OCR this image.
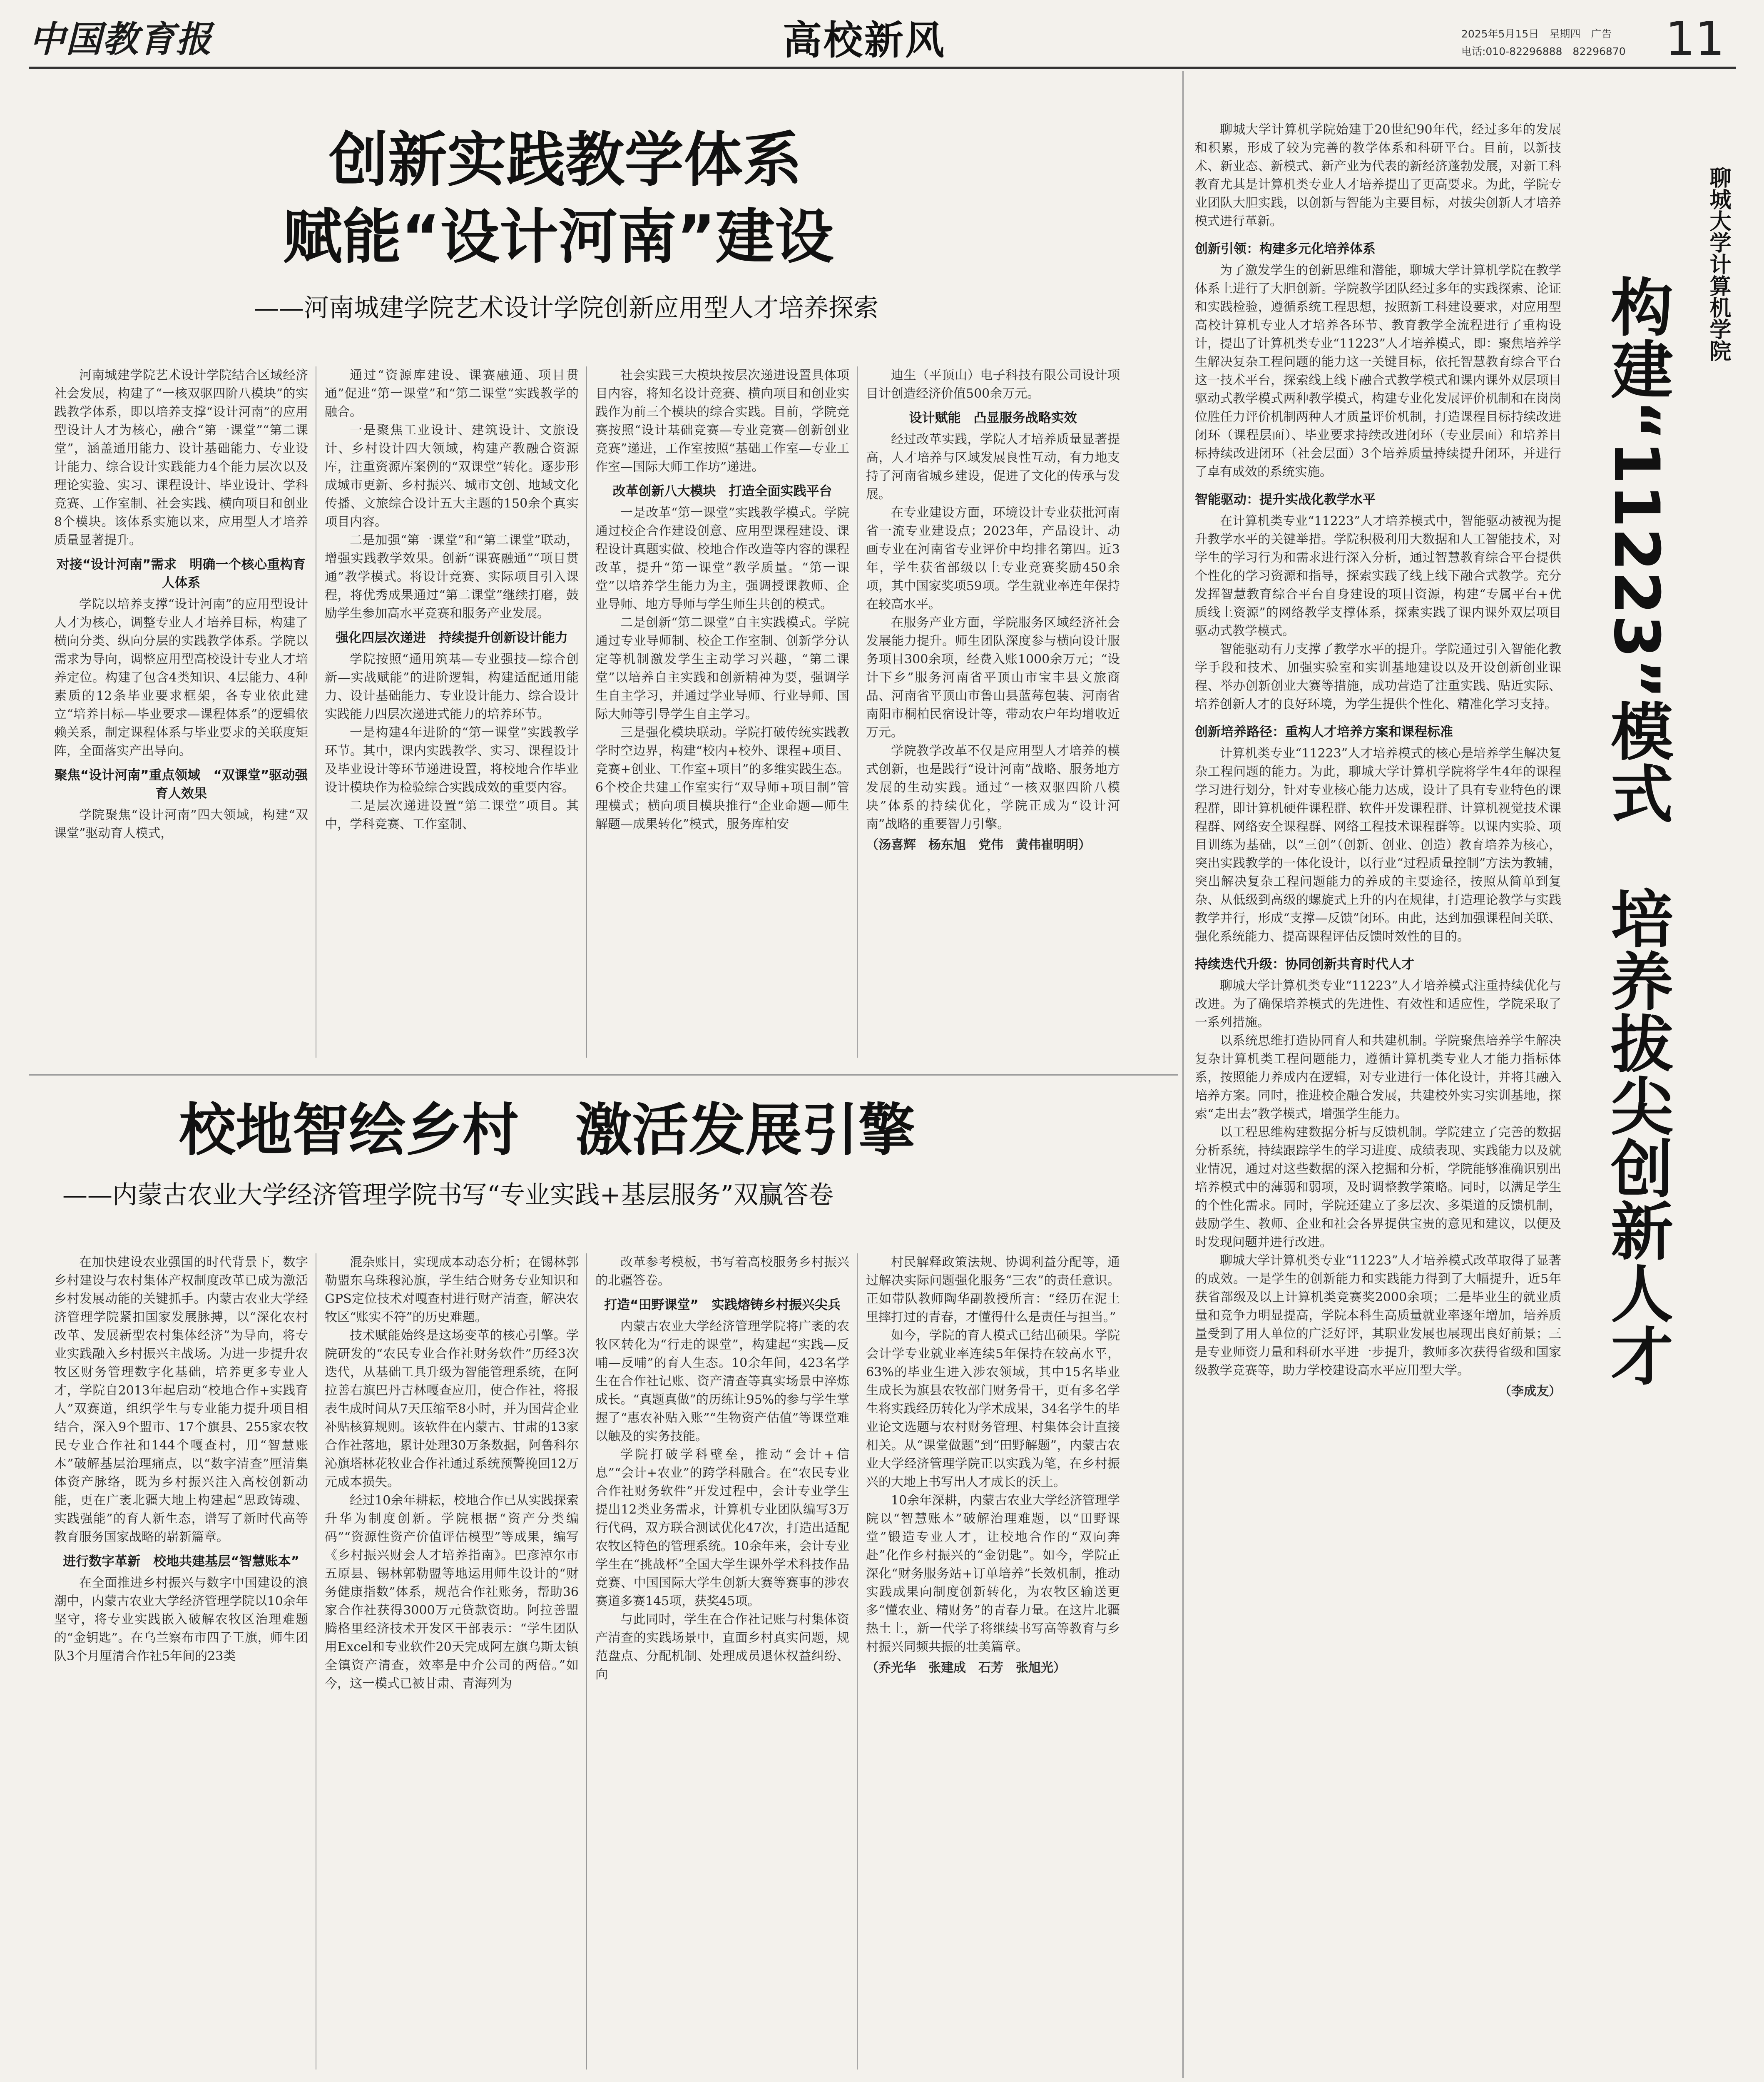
中国教育报	高校新风	2025年5月15日　星期四　广告
电话:010-82296888　82296870 11
创新实践教学体系
赋能“设计河南”建设
——河南城建学院艺术设计学院创新应用型人才培养探索

河南城建学院艺术设计学院结合区域经济社会发展，构建了“一核双驱四阶八模块”的实践教学体系，即以培养支撑“设计河南”的应用型设计人才为核心，融合“第一课堂”“第二课堂”，涵盖通用能力、设计基础能力、专业设计能力、综合设计实践能力4个能力层次以及理论实验、实习、课程设计、毕业设计、学科竞赛、工作室制、社会实践、横向项目和创业8个模块。该体系实施以来，应用型人才培养质量显著提升。

对接“设计河南”需求　明确一个核心重构育人体系

学院以培养支撑“设计河南”的应用型设计人才为核心，调整专业人才培养目标，构建了横向分类、纵向分层的实践教学体系。学院以需求为导向，调整应用型高校设计专业人才培养定位。构建了包含4类知识、4层能力、4种素质的12条毕业要求框架，各专业依此建立“培养目标—毕业要求—课程体系”的逻辑依赖关系，制定课程体系与毕业要求的关联度矩阵，全面落实产出导向。

聚焦“设计河南”重点领域　“双课堂”驱动强育人效果

学院聚焦“设计河南”四大领域，构建“双课堂”驱动育人模式，

通过“资源库建设、课赛融通、项目贯通”促进“第一课堂”和“第二课堂”实践教学的融合。

一是聚焦工业设计、建筑设计、文旅设计、乡村设计四大领域，构建产教融合资源库，注重资源库案例的“双课堂”转化。逐步形成城市更新、乡村振兴、城市文创、地域文化传播、文旅综合设计五大主题的150余个真实项目内容。

二是加强“第一课堂”和“第二课堂”联动，增强实践教学效果。创新“课赛融通”“项目贯通”教学模式。将设计竞赛、实际项目引入课程，将优秀成果通过“第二课堂”继续打磨，鼓励学生参加高水平竞赛和服务产业发展。

强化四层次递进　持续提升创新设计能力

学院按照“通用筑基—专业强技—综合创新—实战赋能”的进阶逻辑，构建适配通用能力、设计基础能力、专业设计能力、综合设计实践能力四层次递进式能力的培养环节。

一是构建4年进阶的“第一课堂”实践教学环节。其中，课内实践教学、实习、课程设计及毕业设计等环节递进设置，将校地合作毕业设计模块作为检验综合实践成效的重要内容。

二是层次递进设置“第二课堂”项目。其中，学科竞赛、工作室制、

社会实践三大模块按层次递进设置具体项目内容，将知名设计竞赛、横向项目和创业实践作为前三个模块的综合实践。目前，学院竞赛按照“设计基础竞赛—专业竞赛—创新创业竞赛”递进，工作室按照“基础工作室—专业工作室—国际大师工作坊”递进。

改革创新八大模块　打造全面实践平台

一是改革“第一课堂”实践教学模式。学院通过校企合作建设创意、应用型课程建设、课程设计真题实做、校地合作改造等内容的课程改革，提升“第一课堂”教学质量。“第一课堂”以培养学生能力为主，强调授课教师、企业导师、地方导师与学生师生共创的模式。

二是创新“第二课堂”自主实践模式。学院通过专业导师制、校企工作室制、创新学分认定等机制激发学生主动学习兴趣，“第二课堂”以培养自主实践和创新精神为要，强调学生自主学习，并通过学业导师、行业导师、国际大师等引导学生自主学习。

三是强化模块联动。学院打破传统实践教学时空边界，构建“校内+校外、课程+项目、竞赛+创业、工作室+项目”的多维实践生态。6个校企共建工作室实行“双导师+项目制”管理模式；横向项目模块推行“企业命题—师生解题—成果转化”模式，服务库柏安

迪生（平顶山）电子科技有限公司设计项目计创造经济价值500余万元。

设计赋能　凸显服务战略实效

经过改革实践，学院人才培养质量显著提高，人才培养与区域发展良性互动，有力地支持了河南省城乡建设，促进了文化的传承与发展。

在专业建设方面，环境设计专业获批河南省一流专业建设点；2023年，产品设计、动画专业在河南省专业评价中均排名第四。近3年，学生获省部级以上专业竞赛奖励450余项，其中国家奖项59项。学生就业率连年保持在较高水平。

在服务产业方面，学院服务区域经济社会发展能力提升。师生团队深度参与横向设计服务项目300余项，经费入账1000余万元；“设计下乡”服务河南省平顶山市宝丰县文旅商品、河南省平顶山市鲁山县蓝莓包装、河南省南阳市桐柏民宿设计等，带动农户年均增收近万元。

学院教学改革不仅是应用型人才培养的模式创新，也是践行“设计河南”战略、服务地方发展的生动实践。通过“一核双驱四阶八模块”体系的持续优化，学院正成为“设计河南”战略的重要智力引擎。

（汤喜辉　杨东旭　党伟　黄伟崔明明）
校地智绘乡村　激活发展引擎
——内蒙古农业大学经济管理学院书写“专业实践+基层服务”双赢答卷

在加快建设农业强国的时代背景下，数字乡村建设与农村集体产权制度改革已成为激活乡村发展动能的关键抓手。内蒙古农业大学经济管理学院紧扣国家发展脉搏，以“深化农村改革、发展新型农村集体经济”为导向，将专业实践融入乡村振兴主战场。为进一步提升农牧区财务管理数字化基础，培养更多专业人才，学院自2013年起启动“校地合作+实践育人”双赛道，组织学生与专业能力提升项目相结合，深入9个盟市、17个旗县、255家农牧民专业合作社和144个嘎查村，用“智慧账本”破解基层治理痛点，以“数字清查”厘清集体资产脉络，既为乡村振兴注入高校创新动能，更在广袤北疆大地上构建起“思政铸魂、实践强能”的育人新生态，谱写了新时代高等教育服务国家战略的崭新篇章。

进行数字革新　校地共建基层“智慧账本”

在全面推进乡村振兴与数字中国建设的浪潮中，内蒙古农业大学经济管理学院以10余年坚守，将专业实践嵌入破解农牧区治理难题的“金钥匙”。在乌兰察布市四子王旗，师生团队3个月厘清合作社5年间的23类

混杂账目，实现成本动态分析；在锡林郭勒盟东乌珠穆沁旗，学生结合财务专业知识和GPS定位技术对嘎查村进行财产清查，解决农牧区“账实不符”的历史难题。

技术赋能始终是这场变革的核心引擎。学院研发的“农民专业合作社财务软件”历经3次迭代，从基础工具升级为智能管理系统，在阿拉善右旗巴丹吉林嘎查应用，使合作社，将报表生成时间从7天压缩至8小时，并为国营企业补贴核算规则。该软件在内蒙古、甘肃的13家合作社落地，累计处理30万条数据，阿鲁科尔沁旗塔林花牧业合作社通过系统预警挽回12万元成本损失。

经过10余年耕耘，校地合作已从实践探索升华为制度创新。学院根据“资产分类编码”“资源性资产价值评估模型”等成果，编写《乡村振兴财会人才培养指南》。巴彦淖尔市五原县、锡林郭勒盟等地运用师生设计的“财务健康指数”体系，规范合作社账务，帮助36家合作社获得3000万元贷款资助。阿拉善盟腾格里经济技术开发区干部表示：“学生团队用Excel和专业软件20天完成阿左旗乌斯太镇全镇资产清查，效率是中介公司的两倍。”如今，这一模式已被甘肃、青海列为

改革参考模板，书写着高校服务乡村振兴的北疆答卷。

打造“田野课堂”　实践熔铸乡村振兴尖兵

内蒙古农业大学经济管理学院将广袤的农牧区转化为“行走的课堂”，构建起“实践—反哺—反哺”的育人生态。10余年间，423名学生在合作社记账、资产清查等真实场景中淬炼成长。“真题真做”的历练让95%的参与学生掌握了“惠农补贴入账”“生物资产估值”等课堂难以触及的实务技能。

学院打破学科壁垒，推动“会计+信息”“会计+农业”的跨学科融合。在“农民专业合作社财务软件”开发过程中，会计专业学生提出12类业务需求，计算机专业团队编写3万行代码，双方联合测试优化47次，打造出适配农牧区特色的管理系统。10余年来，会计专业学生在“挑战杯”全国大学生课外学术科技作品竞赛、中国国际大学生创新大赛等赛事的涉农赛道多赛145项，获奖45项。

与此同时，学生在合作社记账与村集体资产清查的实践场景中，直面乡村真实问题，规范盘点、分配机制、处理成员退休权益纠纷、向

村民解释政策法规、协调利益分配等，通过解决实际问题强化服务“三农”的责任意识。正如带队教师陶华副教授所言：“经历在泥土里摔打过的青春，才懂得什么是责任与担当。”

如今，学院的育人模式已结出硕果。学院会计学专业就业率连续5年保持在较高水平，63%的毕业生进入涉农领域，其中15名毕业生成长为旗县农牧部门财务骨干，更有多名学生将实践经历转化为学术成果，34名学生的毕业论文选题与农村财务管理、村集体会计直接相关。从“课堂做题”到“田野解题”，内蒙古农业大学经济管理学院正以实践为笔，在乡村振兴的大地上书写出人才成长的沃土。

10余年深耕，内蒙古农业大学经济管理学院以“智慧账本”破解治理难题，以“田野课堂”锻造专业人才，让校地合作的“双向奔赴”化作乡村振兴的“金钥匙”。如今，学院正深化“财务服务站+订单培养”长效机制，推动实践成果向制度创新转化，为农牧区输送更多“懂农业、精财务”的青春力量。在这片北疆热土上，新一代学子将继续书写高等教育与乡村振兴同频共振的壮美篇章。

（乔光华　张建成　石芳　张旭光）

聊城大学计算机学院始建于20世纪90年代，经过多年的发展和积累，形成了较为完善的教学体系和科研平台。目前，以新技术、新业态、新模式、新产业为代表的新经济蓬勃发展，对新工科教育尤其是计算机类专业人才培养提出了更高要求。为此，学院专业团队大胆实践，以创新与智能为主要目标，对拔尖创新人才培养模式进行革新。

创新引领：构建多元化培养体系

为了激发学生的创新思维和潜能，聊城大学计算机学院在教学体系上进行了大胆创新。学院教学团队经过多年的实践探索、论证和实践检验，遵循系统工程思想，按照新工科建设要求，对应用型高校计算机专业人才培养各环节、教育教学全流程进行了重构设计，提出了计算机类专业“11223”人才培养模式，即：聚焦培养学生解决复杂工程问题的能力这一关键目标，依托智慧教育综合平台这一技术平台，探索线上线下融合式教学模式和课内课外双层项目驱动式教学模式两种教学模式，构建专业化发展评价机制和在岗岗位胜任力评价机制两种人才质量评价机制，打造课程目标持续改进闭环（课程层面）、毕业要求持续改进闭环（专业层面）和培养目标持续改进闭环（社会层面）3个培养质量持续提升闭环，并进行了卓有成效的系统实施。

智能驱动：提升实战化教学水平

在计算机类专业“11223”人才培养模式中，智能驱动被视为提升教学水平的关键举措。学院积极利用大数据和人工智能技术，对学生的学习行为和需求进行深入分析，通过智慧教育综合平台提供个性化的学习资源和指导，探索实践了线上线下融合式教学。充分发挥智慧教育综合平台自身建设的项目资源，构建“专属平台+优质线上资源”的网络教学支撑体系，探索实践了课内课外双层项目驱动式教学模式。

智能驱动有力支撑了教学水平的提升。学院通过引入智能化教学手段和技术、加强实验室和实训基地建设以及开设创新创业课程、举办创新创业大赛等措施，成功营造了注重实践、贴近实际、培养创新人才的良好环境，为学生提供个性化、精准化学习支持。

创新培养路径：重构人才培养方案和课程标准

计算机类专业“11223”人才培养模式的核心是培养学生解决复杂工程问题的能力。为此，聊城大学计算机学院将学生4年的课程学习进行划分，针对专业核心能力达成，设计了具有专业特色的课程群，即计算机硬件课程群、软件开发课程群、计算机视觉技术课程群、网络安全课程群、网络工程技术课程群等。以课内实验、项目训练为基础，以“三创”（创新、创业、创造）教育培养为核心，突出实践教学的一体化设计，以行业“过程质量控制”方法为教辅，突出解决复杂工程问题能力的养成的主要途径，按照从简单到复杂、从低级到高级的螺旋式上升的内在规律，打造理论教学与实践教学并行，形成“支撑—反馈”闭环。由此，达到加强课程间关联、强化系统能力、提高课程评估反馈时效性的目的。

持续迭代升级：协同创新共育时代人才

聊城大学计算机类专业“11223”人才培养模式注重持续优化与改进。为了确保培养模式的先进性、有效性和适应性，学院采取了一系列措施。

以系统思维打造协同育人和共建机制。学院聚焦培养学生解决复杂计算机类工程问题能力，遵循计算机类专业人才能力指标体系，按照能力养成内在逻辑，对专业进行一体化设计，并将其融入培养方案。同时，推进校企融合发展，共建校外实习实训基地，探索“走出去”教学模式，增强学生能力。

以工程思维构建数据分析与反馈机制。学院建立了完善的数据分析系统，持续跟踪学生的学习进度、成绩表现、实践能力以及就业情况，通过对这些数据的深入挖掘和分析，学院能够准确识别出培养模式中的薄弱和弱项，及时调整教学策略。同时，以满足学生的个性化需求。同时，学院还建立了多层次、多渠道的反馈机制，鼓励学生、教师、企业和社会各界提供宝贵的意见和建议，以便及时发现问题并进行改进。

聊城大学计算机类专业“11223”人才培养模式改革取得了显著的成效。一是学生的创新能力和实践能力得到了大幅提升，近5年获省部级及以上计算机类竞赛奖2000余项；二是毕业生的就业质量和竞争力明显提高，学院本科生高质量就业率逐年增加，培养质量受到了用人单位的广泛好评，其职业发展也展现出良好前景；三是专业师资力量和科研水平进一步提升，教师多次获得省级和国家级教学竞赛等，助力学校建设高水平应用型大学。

（李成友）
聊城大学计算机学院
构建“11223”模式　培养拔尖创新人才
